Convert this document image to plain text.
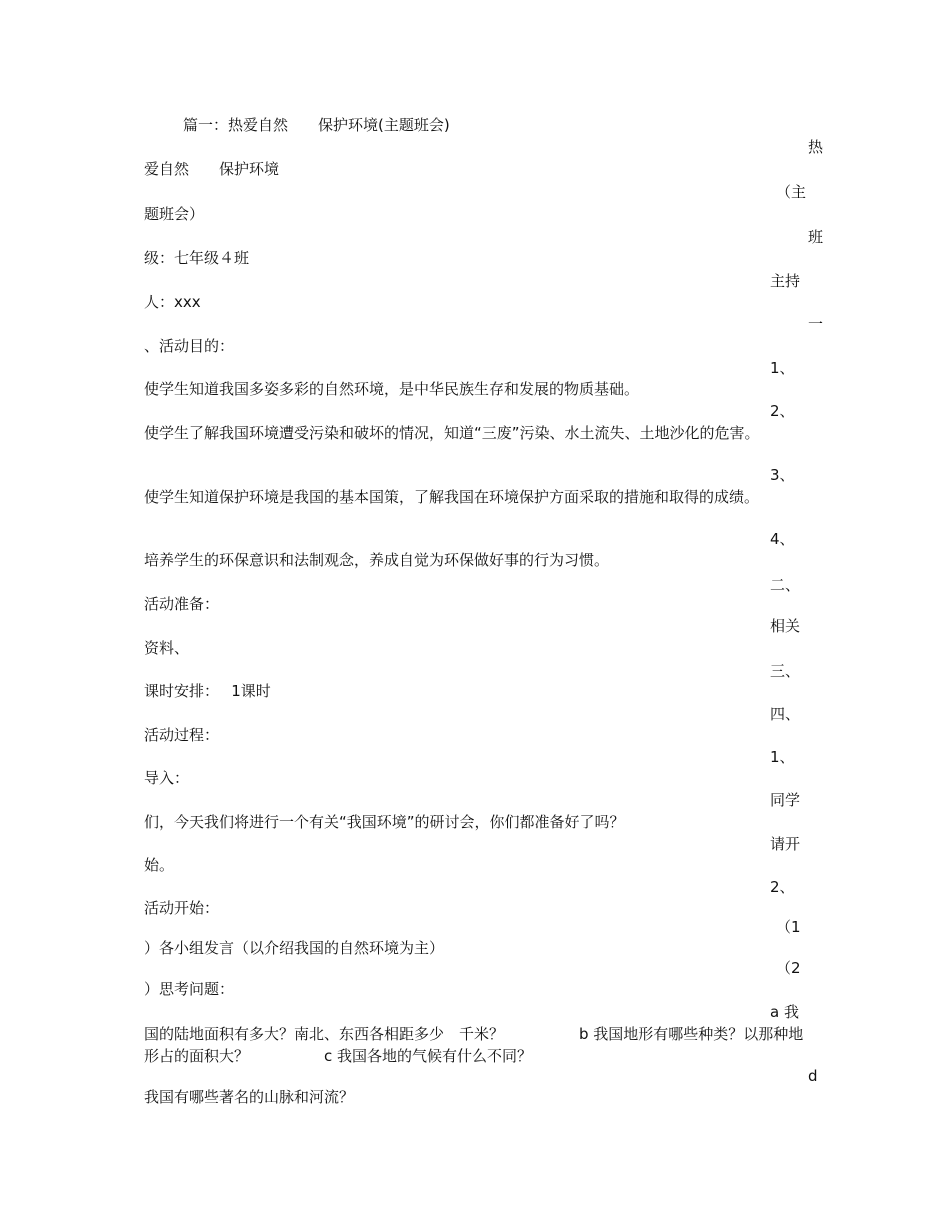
篇一：热爱自然　　保护环境(主题班会)
热
（主
班
主持
一
1、
2、
3、
4、
二、
相关
三、
四、
1、
同学
请开
2、
（1
（2
a 我
d
爱自然　　保护环境
题班会）
级：七年级４班
人：xxx
、活动目的：
使学生知道我国多姿多彩的自然环境，是中华民族生存和发展的物质基础。
使学生了解我国环境遭受污染和破坏的情况，知道“三废”污染、水土流失、土地沙化的危害。
使学生知道保护环境是我国的基本国策，了解我国在环境保护方面采取的措施和取得的成绩。
培养学生的环保意识和法制观念，养成自觉为环保做好事的行为习惯。
活动准备：
资料、
课时安排：　 1课时
活动过程：
导入：
们，今天我们将进行一个有关“我国环境”的研讨会，你们都准备好了吗？
始。
活动开始：
）各小组发言（以介绍我国的自然环境为主）
）思考问题：
国的陆地面积有多大？南北、东西各相距多少　千米？　　　　　b 我国地形有哪些种类？以那种地形占的面积大？　　　　　c 我国各地的气候有什么不同？
我国有哪些著名的山脉和河流？
